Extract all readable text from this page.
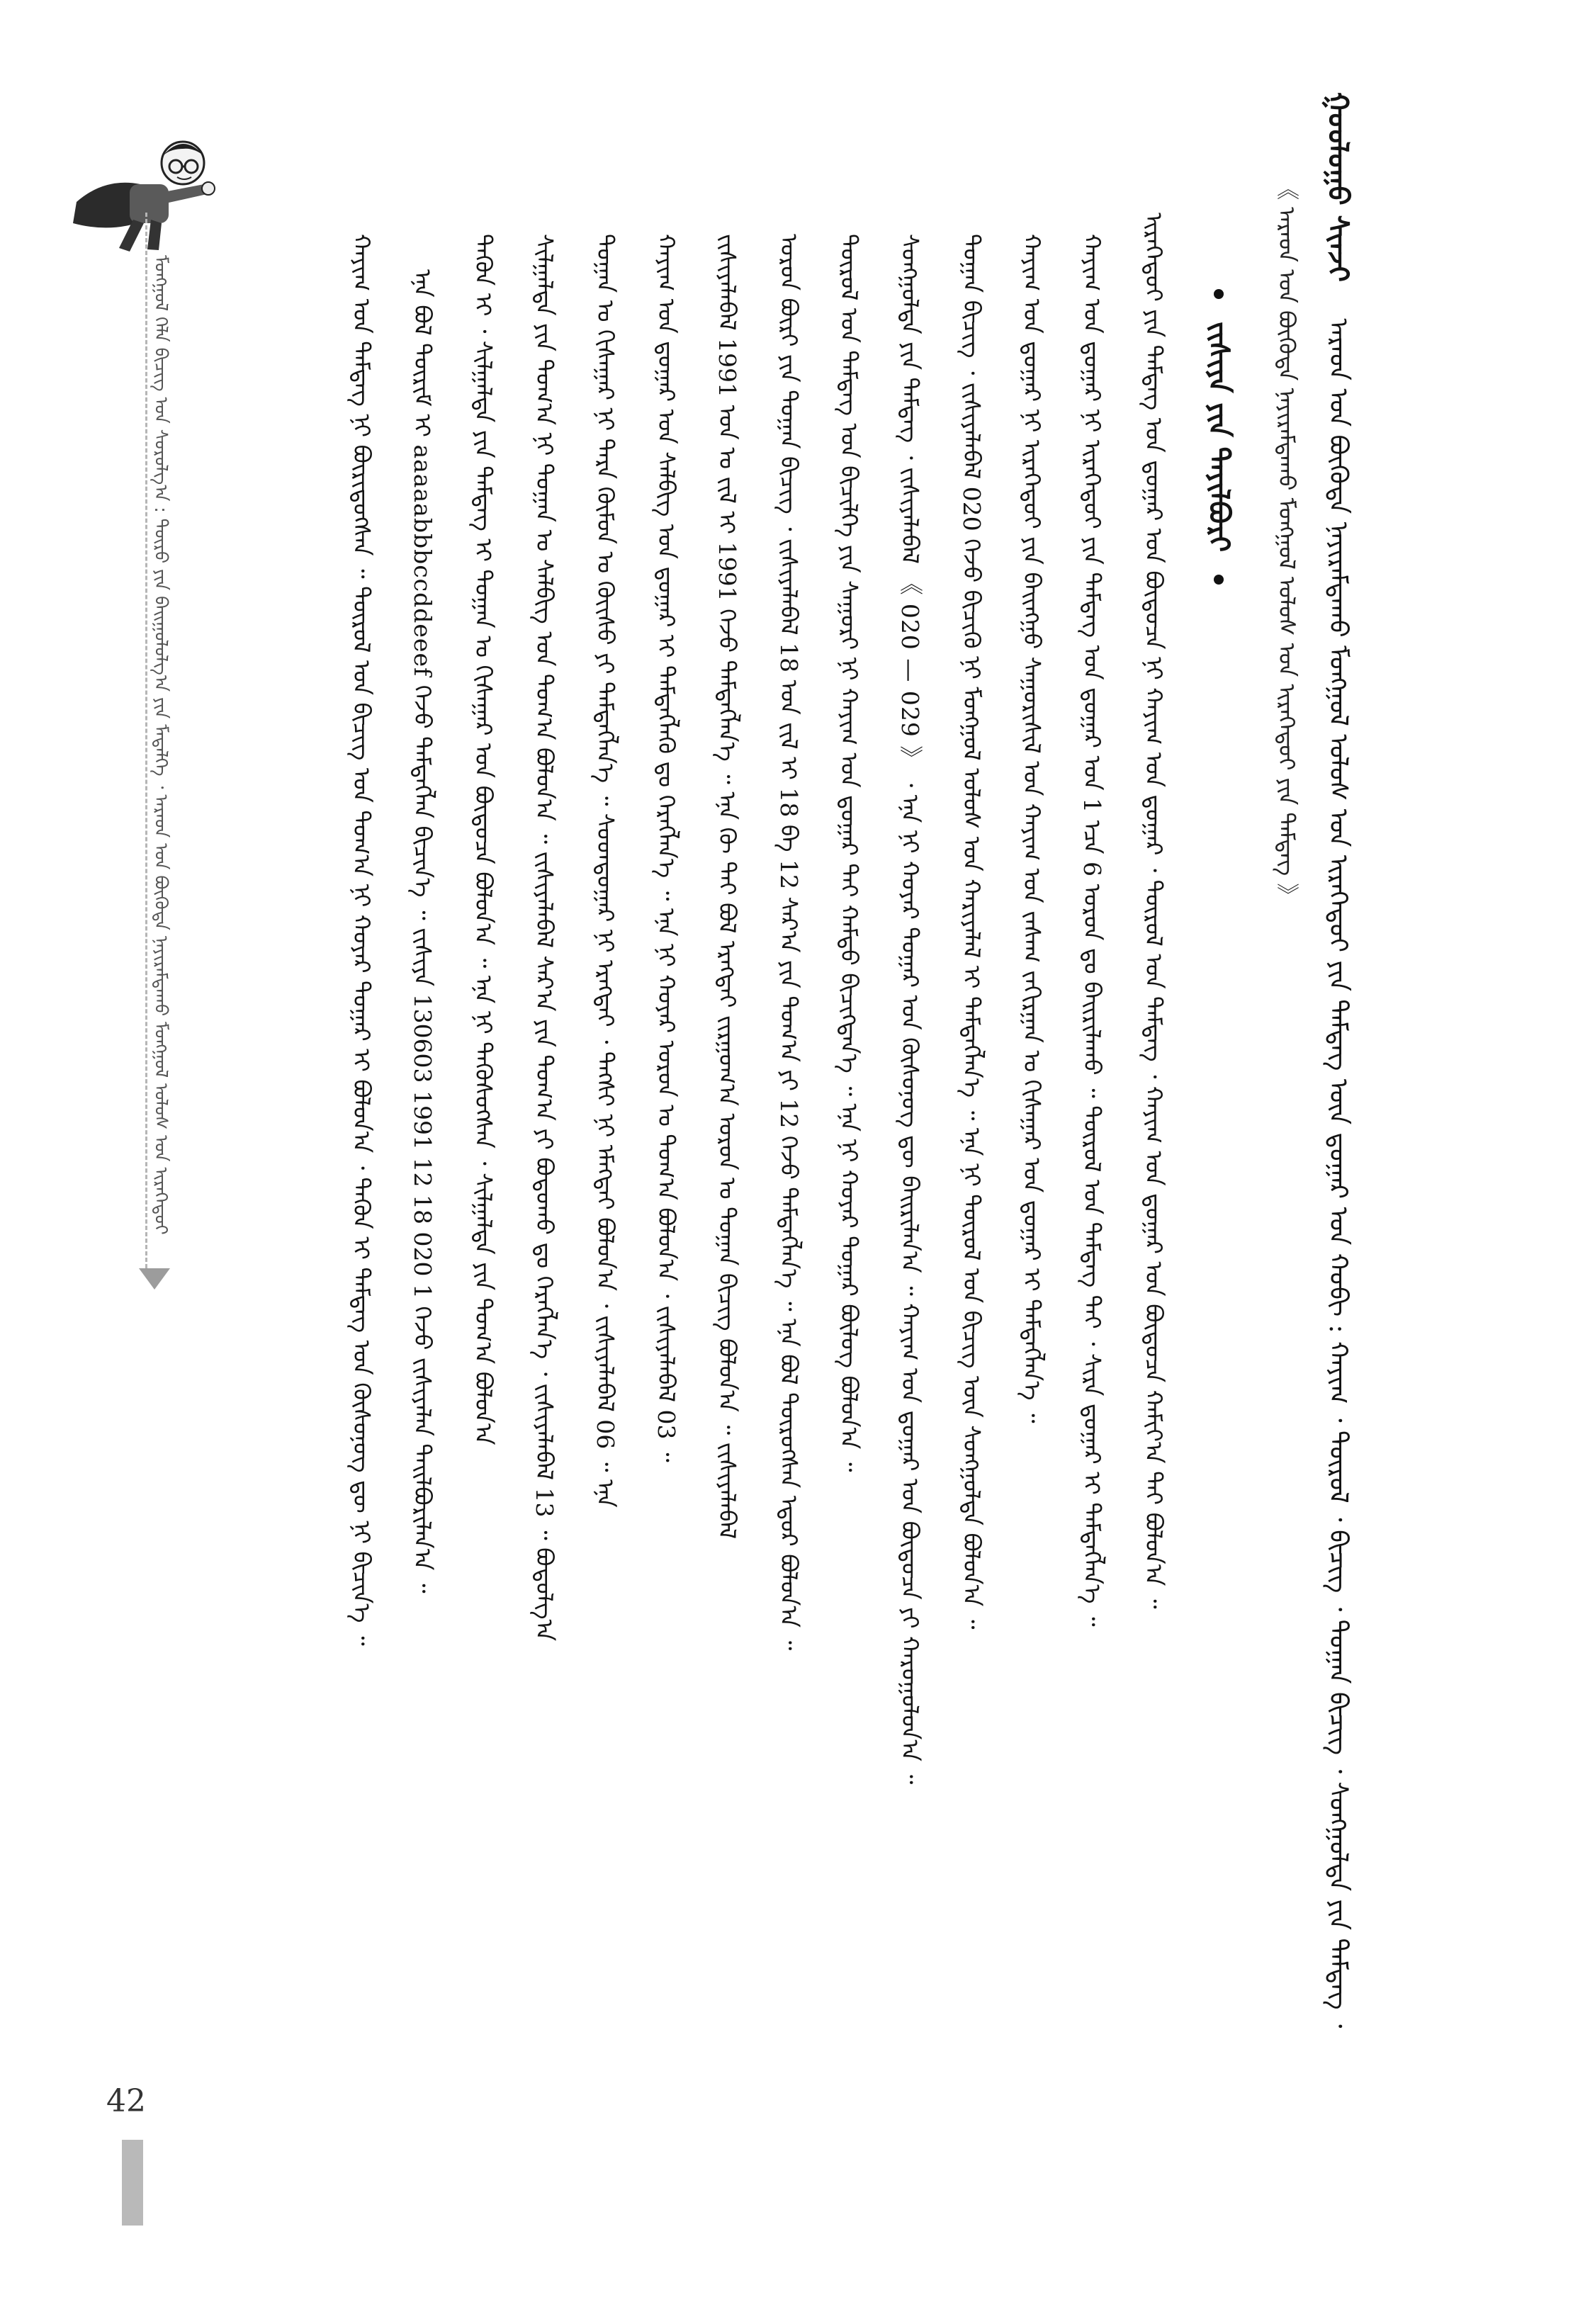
ᠭᠤᠤᠯᠤᠭᠤ ᠰᠢᠨᠵᠢ ᠠᠷᠠᠳ ᠤᠨ ᠪᠦᠭᠦᠳᠡ ᠨᠠᠶᠢᠷᠠᠮᠳᠠᠬᠤ ᠮᠣᠩᠭᠤᠯ ᠤᠯᠤᠰ ᠤᠨ ᠢᠷᠡᠭᠡᠳᠦᠢ ᠶᠢᠨ ᠲᠡᠮᠳᠡᠭ ᠦᠨ ᠳ᠋ᠤᠭᠠᠷ ᠤᠨ ᠬᠣᠪᠢ : ᠬᠠᠶᠢᠭ ᠂ ᠲᠥᠷᠥᠯ ᠂ ᠪᠢᠴᠢᠭ ᠂ ᠲᠣᠭᠠᠨ ᠪᠢᠴᠢᠭ ᠂ ᠰᠣᠩᠭᠤᠯᠲᠠ ᠶᠢᠨ ᠲᠡᠮᠳᠡᠭ ᠂
《 ᠠᠷᠠᠳ ᠤᠨ ᠪᠦᠭᠦᠳᠡ ᠨᠠᠶᠢᠷᠠᠮᠳᠠᠬᠤ ᠮᠣᠩᠭᠤᠯ ᠤᠯᠤᠰ ᠤᠨ ᠢᠷᠡᠭᠡᠳᠦᠢ ᠶᠢᠨ ᠲᠡᠮᠳᠡᠭ 》
ᠵᠢᠱᠢᠶᠡ ᠶᠢᠨ ᠲᠠᠶᠢᠯᠪᠤᠷᠢ
ᠢᠷᠡᠭᠡᠳᠦᠢ ᠶᠢᠨ ᠲᠡᠮᠳᠡᠭ ᠤᠨ ᠳ᠋ᠤᠭᠠᠷ ᠤᠨ ᠪᠦᠲᠦᠴᠡ ᠨᠢ ᠬᠠᠶᠢᠭ ᠤᠨ ᠳ᠋ᠤᠭᠠᠷ ᠂ ᠲᠥᠷᠥᠯ ᠤᠨ ᠲᠡᠮᠳᠡᠭ ᠂ ᠬᠠᠶᠢᠭ ᠤᠨ ᠳ᠋ᠤᠭᠠᠷ ᠤᠨ ᠪᠦᠲᠦᠴᠡ ᠬᠠᠮᠢᠶ᠎ᠠ ᠲᠠᠢ ᠪᠣᠯᠤᠨ᠎ᠠ ᠃
ᠬᠠᠶᠢᠭ ᠤᠨ ᠳ᠋ᠤᠭᠠᠷ ᠨᠢ ᠢᠷᠡᠭᠡᠳᠦᠢ ᠶᠢᠨ ᠲᠡᠮᠳᠡᠭ ᠤᠨ ᠳ᠋ᠤᠭᠠᠷ ᠤᠨ 1 ᠡᠴᠡ 6 ᠤᠷᠤᠨ ᠳᠤ ᠪᠠᠢᠷᠢᠯᠠᠬᠤ ᠃ ᠲᠥᠷᠥᠯ ᠤᠨ ᠲᠡᠮᠳᠡᠭ ᠲᠠᠢ ᠂ ᠰᠢᠷᠠ ᠳ᠋ᠤᠭᠠᠷ ᠢ ᠲᠡᠮᠳᠡᠭᠯᠡᠨ᠎ᠡ ᠃
ᠬᠠᠶᠢᠭ ᠤᠨ ᠳ᠋ᠤᠭᠠᠷ ᠨᠢ ᠢᠷᠡᠭᠡᠳᠦᠢ ᠶᠢᠨ ᠪᠠᠢᠩᠭᠤ ᠰᠠᠭᠤᠷᠢᠰᠢᠯ ᠤᠨ ᠬᠠᠶᠢᠭ ᠤᠨ ᠵᠠᠰᠠᠭ ᠵᠠᠬᠢᠷᠭᠠᠨ ᠤ ᠬᠢᠰᠠᠭᠠᠷ ᠤᠨ ᠳ᠋ᠤᠭᠠᠷ ᠢ ᠲᠡᠮᠳᠡᠭᠯᠡᠨ᠎ᠡ ᠃
ᠲᠣᠭᠠᠨ ᠪᠢᠴᠢᠭ ᠂ ᠵᠢᠱᠢᠶᠡᠯᠡᠪᠡᠯ 020 ᠭᠡᠵᠦ ᠪᠢᠴᠢᠬᠦ ᠨᠢ ᠮᠣᠩᠭᠤᠯ ᠤᠯᠤᠰ ᠤᠨ ᠬᠠᠷᠢᠶᠠᠯᠠᠯ ᠢ ᠲᠡᠮᠳᠡᠭᠯᠡᠨ᠎ᠡ ᠃ ᠡᠨᠡ ᠨᠢ ᠲᠥᠷᠥᠯ ᠤᠨ ᠪᠢᠴᠢᠭ ᠦᠨ ᠰᠣᠩᠭᠤᠯᠲᠠ ᠪᠣᠯᠤᠨ᠎ᠠ ᠃
ᠰᠣᠩᠭᠤᠯᠲᠠ ᠶᠢᠨ ᠲᠡᠮᠳᠡᠭ ᠂ ᠵᠢᠱᠢᠶᠡᠯᠡᠪᠡᠯ 《 020 — 029 》 ᠂ ᠡᠨᠡ ᠨᠢ ᠬᠣᠶᠠᠷ ᠳᠤᠭᠠᠷ ᠤᠨ ᠬᠦᠰᠦᠨᠦᠭ ᠳᠦ ᠪᠠᠢᠷᠢᠯᠠᠨ᠎ᠠ ᠃ ᠬᠠᠶᠢᠭ ᠤᠨ ᠳ᠋ᠤᠭᠠᠷ ᠤᠨ ᠪᠦᠲᠦᠴᠡ ᠶᠢ ᠬᠠᠷᠤᠭᠤᠯᠤᠨ᠎ᠠ ᠃
ᠲᠥᠷᠥᠯ ᠤᠨ ᠲᠡᠮᠳᠡᠭ ᠤᠨ ᠪᠢᠴᠢᠯᠭᠡ ᠶᠢᠨ ᠰᠠᠭᠤᠷᠢ ᠨᠢ ᠬᠠᠶᠢᠭ ᠤᠨ ᠳ᠋ᠤᠭᠠᠷ ᠲᠠᠢ ᠬᠠᠮᠲᠤ ᠪᠢᠴᠢᠭᠳᠡᠨ᠎ᠡ ᠃ ᠡᠨᠡ ᠨᠢ ᠬᠣᠶᠠᠷ ᠳᠤᠭᠠᠷ ᠪᠦᠯᠦᠭ ᠪᠣᠯᠤᠨ᠎ᠠ ᠃
ᠤᠷᠤᠨ ᠪᠦᠷᠢ ᠶᠢᠨ ᠲᠣᠭᠠᠨ ᠪᠢᠴᠢᠭ ᠂ ᠵᠢᠱᠢᠶᠡᠯᠡᠪᠡᠯ 18 ᠤᠨ ᠵᠢᠯ ᠢ 18 ᠪᠠ 12 ᠰᠠᠷ᠎ᠠ ᠶᠢᠨ ᠲᠣᠭ᠎ᠠ ᠶᠢ 12 ᠭᠡᠵᠦ ᠲᠡᠮᠳᠡᠭᠯᠡᠨ᠎ᠡ ᠃ ᠡᠨᠡ ᠪᠣᠯ ᠲᠥᠷᠦᠭᠰᠡᠨ ᠡᠳᠦᠷ ᠪᠣᠯᠤᠨ᠎ᠠ ᠃
ᠵᠢᠱᠢᠶᠡᠯᠡᠪᠡᠯ 1991 ᠣᠨ ᠤ ᠵᠢᠯ ᠢ 1991 ᠭᠡᠵᠦ ᠲᠡᠮᠳᠡᠭᠯᠡᠨ᠎ᠡ ᠃ ᠡᠨᠡ ᠬᠦ ᠲᠠᠢ ᠪᠣᠯ ᠡᠷᠡᠭᠲᠡᠢ ᠵᠢᠷᠭᠤᠭ᠎ᠠ ᠣᠷᠣᠨ ᠤ ᠲᠣᠭᠠᠨ ᠪᠢᠴᠢᠭ ᠪᠣᠯᠤᠨ᠎ᠠ ᠃ ᠵᠢᠱᠢᠶᠡᠯᠡᠪᠡᠯ
ᠬᠠᠶᠢᠭ ᠤᠨ ᠳ᠋ᠤᠭᠠᠷ ᠤᠨ ᠰᠡᠯᠪᠢᠭ ᠤᠨ ᠳ᠋ᠤᠭᠠᠷ ᠢ ᠲᠡᠮᠳᠡᠭᠯᠡᠬᠦ ᠳᠤ ᠬᠡᠷᠡᠭᠯᠡᠨ᠎ᠡ ᠃ ᠡᠨᠡ ᠨᠢ ᠬᠣᠶᠠᠷ ᠣᠷᠣᠨ ᠤ ᠲᠣᠭ᠎ᠠ ᠪᠣᠯᠤᠨ᠎ᠠ ᠂ ᠵᠢᠱᠢᠶᠡᠯᠡᠪᠡᠯ 03 ᠃
ᠲᠣᠭᠠᠨ ᠤ ᠬᠢᠰᠠᠭᠠᠷ ᠨᠢ ᠲᠡᠷᠡ ᠬᠦᠮᠦᠨ ᠤ ᠬᠦᠢᠰᠦ ᠶᠢ ᠲᠡᠮᠳᠡᠭᠯᠡᠨ᠎ᠡ ᠃ ᠰᠣᠳᠳᠤᠭᠠᠷ ᠨᠢ ᠡᠷᠡᠭᠲᠡᠢ ᠂ ᠲᠡᠭᠰᠢ ᠨᠢ ᠡᠮᠡᠭᠲᠡᠢ ᠪᠣᠯᠤᠨ᠎ᠠ ᠂ ᠵᠢᠱᠢᠶᠡᠯᠡᠪᠡᠯ 06 ᠃ ᠡᠨᠡ
ᠰᠢᠯᠭᠠᠯᠲᠠ ᠶᠢᠨ ᠲᠣᠭ᠎ᠠ ᠨᠢ ᠲᠣᠭᠠᠨ ᠤ ᠰᠡᠯᠪᠢᠭ ᠤᠨ ᠲᠣᠭ᠎ᠠ ᠪᠣᠯᠤᠨ᠎ᠠ ᠃ ᠵᠢᠱᠢᠶᠡᠯᠡᠪᠡᠯ ᠰᠠᠷ᠎ᠠ ᠶᠢᠨ ᠲᠣᠭ᠎ᠠ ᠶᠢ ᠪᠣᠳᠣᠬᠤ ᠳᠤ ᠬᠡᠷᠡᠭᠯᠡᠨ᠎ᠡ ᠂ ᠵᠢᠱᠢᠶᠡᠯᠡᠪᠡᠯ 13 ᠃ ᠪᠣᠳᠤᠯᠭ᠎ᠠ
ᠲᠡᠭᠦᠨ ᠢ ᠂ ᠰᠢᠯᠭᠠᠯᠲᠠ ᠶᠢᠨ ᠲᠡᠮᠳᠡᠭ ᠢ ᠲᠣᠭᠠᠨ ᠤ ᠬᠢᠰᠠᠭᠠᠷ ᠤᠨ ᠪᠦᠲᠦᠴᠡ ᠪᠣᠯᠤᠨ᠎ᠠ ᠃ ᠡᠨᠡ ᠨᠢ ᠲᠡᠭᠦᠰᠦᠭᠰᠡᠨ ᠂ ᠰᠢᠯᠭᠠᠯᠲᠠ ᠶᠢᠨ ᠲᠣᠭ᠎ᠠ ᠪᠣᠯᠤᠨ᠎ᠠ
ᠡᠨᠡ ᠪᠣᠯ ᠳᠦᠷᠢᠮ ᠢ aaaaabbbccddeeef ᠭᠡᠵᠦ ᠲᠡᠮᠳᠡᠭᠯᠡᠨ ᠪᠢᠴᠢᠨ᠎ᠡ ᠃ ᠵᠢᠱᠢᠶᠡ 130603 1991 12 18 020 1 ᠭᠡᠵᠦ ᠵᠢᠱᠢᠶᠡᠯᠡᠨ ᠲᠠᠢᠯᠪᠤᠷᠢᠯᠠᠨ᠎ᠠ ᠃
ᠬᠠᠶᠢᠭ ᠤᠨ ᠲᠡᠮᠳᠡᠭ ᠨᠢ ᠪᠦᠷᠢᠳᠦᠭᠰᠡᠨ ᠃ ᠲᠥᠷᠥᠯ ᠤᠨ ᠪᠢᠴᠢᠭ ᠤᠨ ᠲᠣᠭ᠎ᠠ ᠨᠢ ᠬᠣᠶᠠᠷ ᠳᠤᠭᠠᠷ ᠢ ᠪᠣᠯᠤᠨ᠎ᠠ ᠂ ᠲᠡᠭᠦᠨ ᠢ ᠲᠡᠮᠳᠡᠭ ᠤᠨ ᠬᠦᠰᠦᠨᠦᠭ ᠳᠦ ᠨᠢ ᠪᠢᠴᠢᠨ᠎ᠡ ᠃
ᠮᠣᠩᠭᠤᠯ ᠬᠡᠯᠡ ᠪᠢᠴᠢᠭ ᠤᠨ ᠰᠤᠷᠤᠯᠭ᠎ᠠ : ᠲᠥᠷᠥ ᠶᠢᠨ ᠪᠠᠢᠭᠤᠯᠤᠯᠭ᠎ᠠ ᠶᠢᠨ ᠮᠡᠳᠡᠯᠭᠡ ᠂ ᠠᠷᠠᠳ ᠤᠨ ᠪᠦᠭᠦᠳᠡ ᠨᠠᠶᠢᠷᠠᠮᠳᠠᠬᠤ ᠮᠣᠩᠭᠤᠯ ᠤᠯᠤᠰ ᠤᠨ ᠢᠷᠡᠭᠡᠳᠦᠢ
42
